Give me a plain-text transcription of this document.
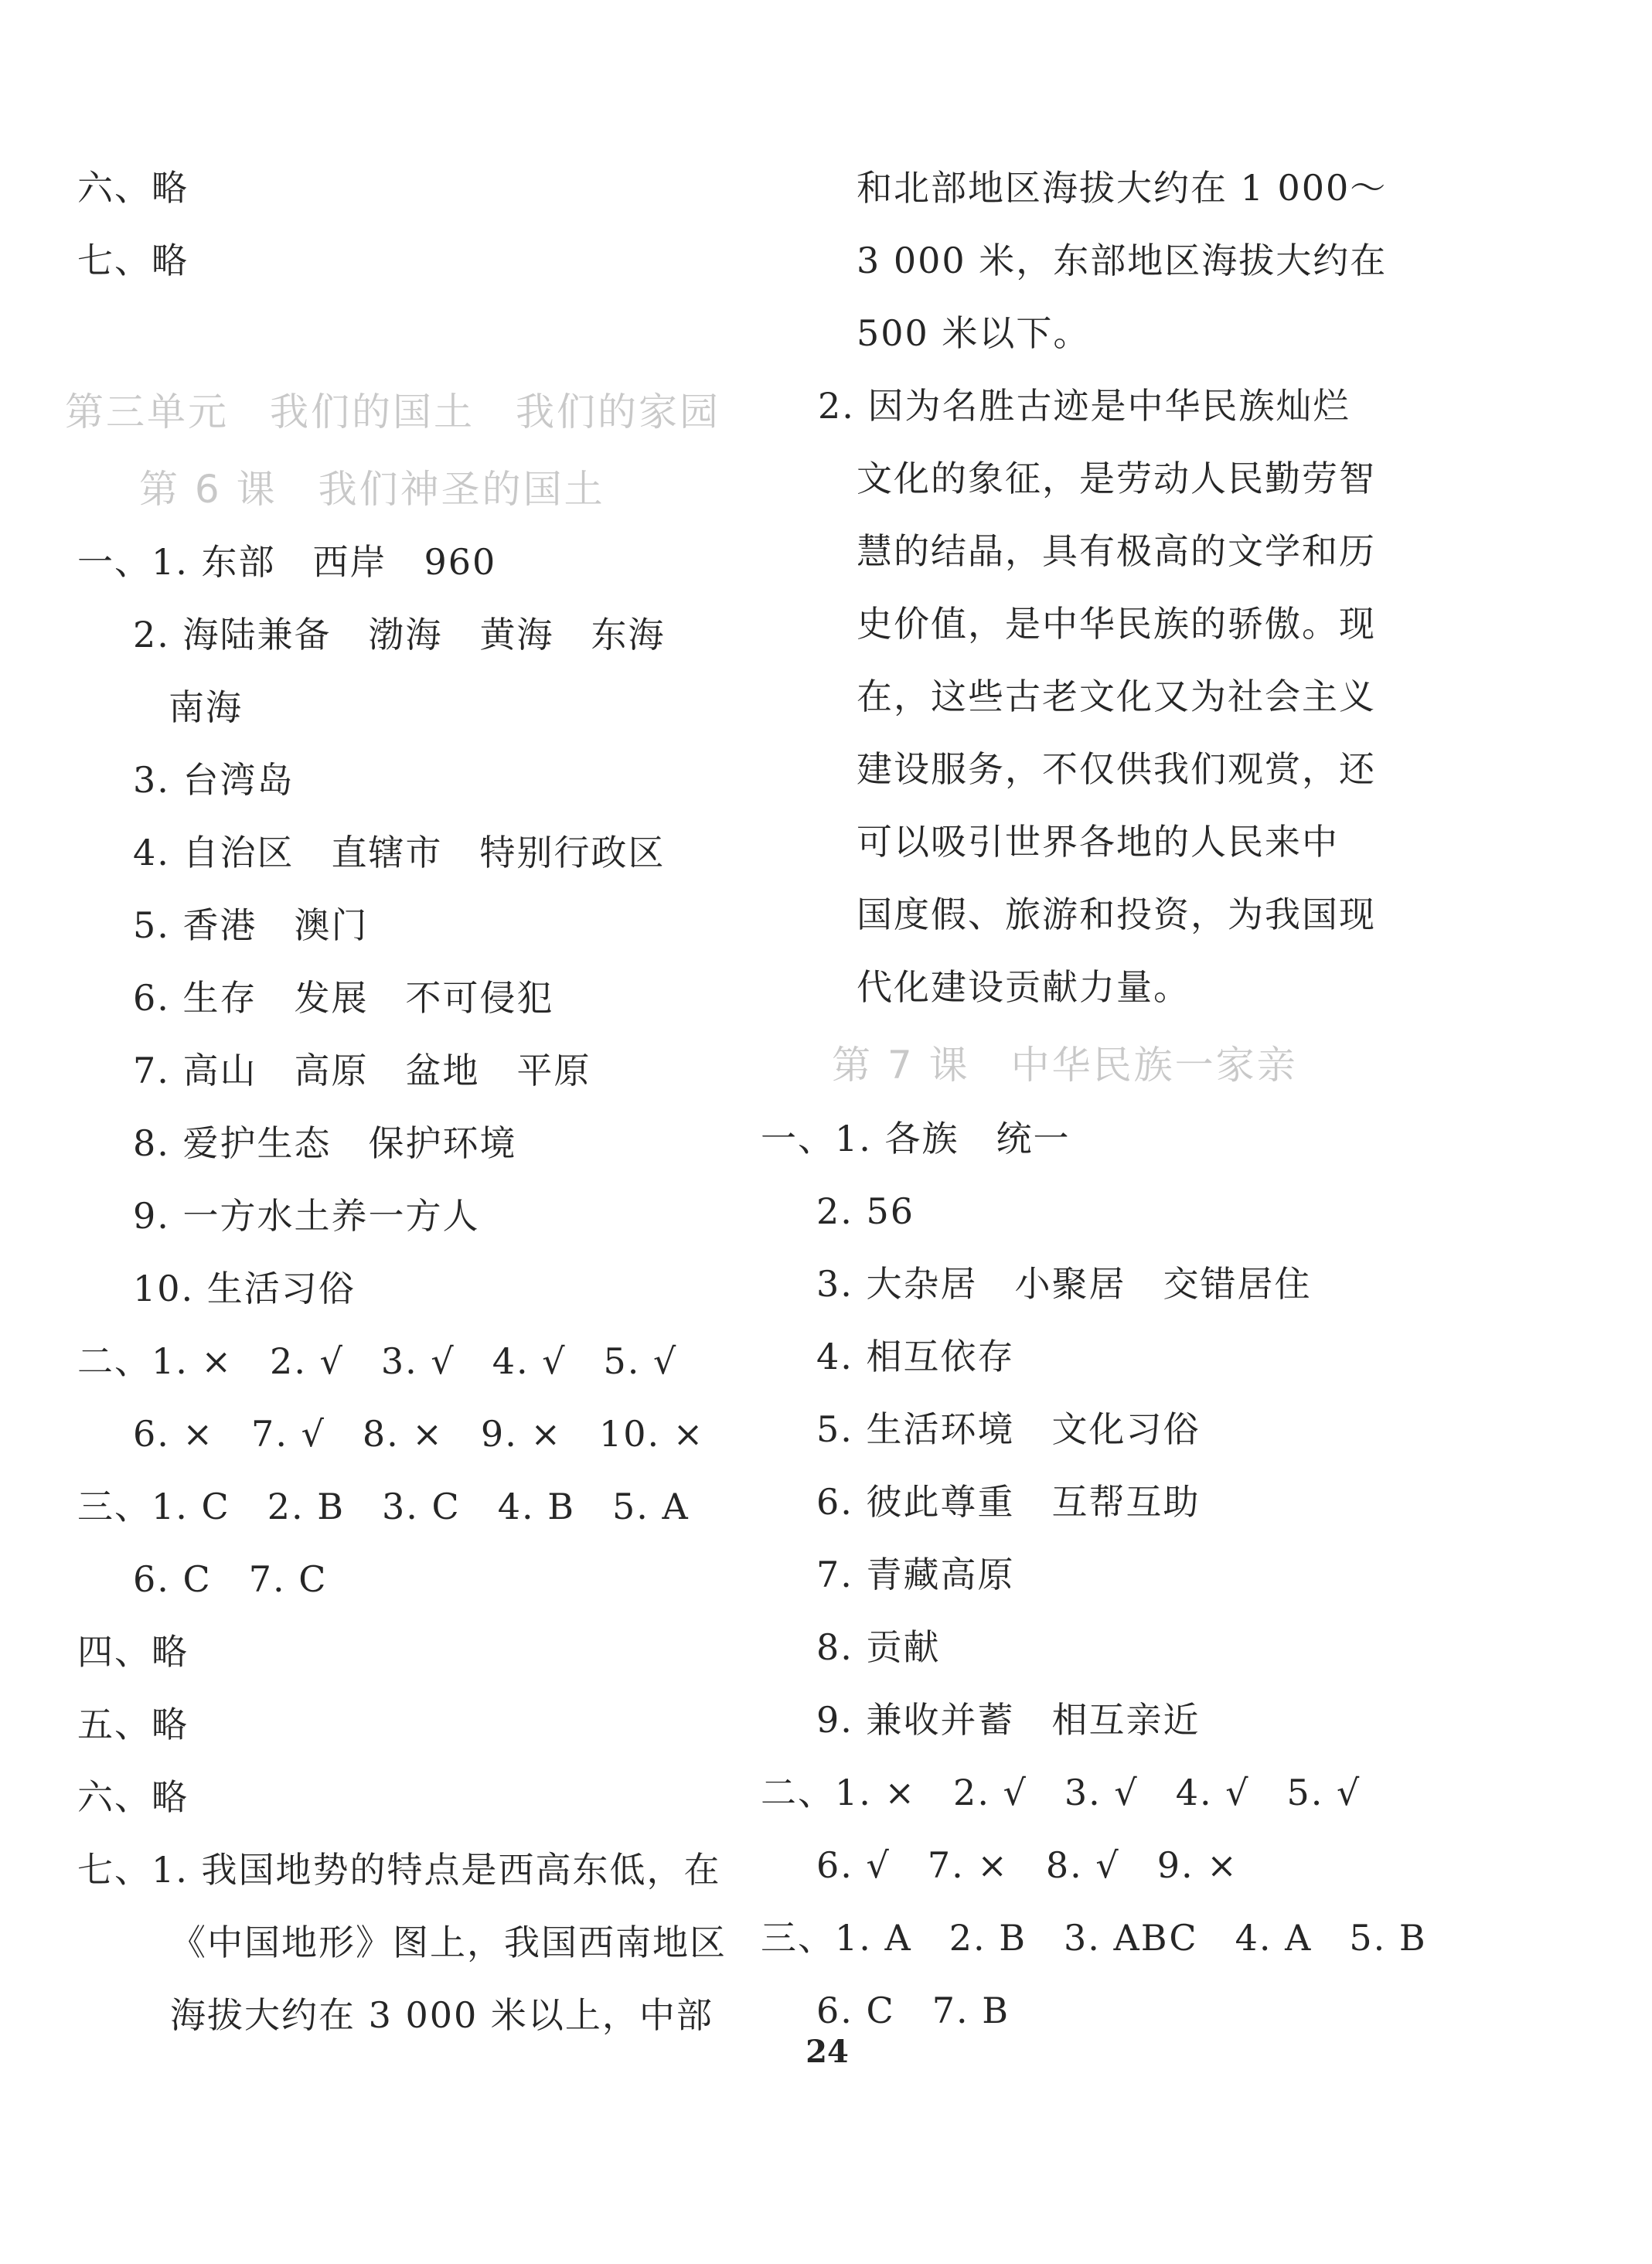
六、略
七、略
第三单元　我们的国土　我们的家园
第 6 课　我们神圣的国土
一、1. 东部　西岸　960
2. 海陆兼备　渤海　黄海　东海
南海
3. 台湾岛
4. 自治区　直辖市　特别行政区
5. 香港　澳门
6. 生存　发展　不可侵犯
7. 高山　高原　盆地　平原
8. 爱护生态　保护环境
9. 一方水土养一方人
10. 生活习俗
二、1. ×　2. √　3. √　4. √　5. √
6. ×　7. √　8. ×　9. ×　10. ×
三、1. C　2. B　3. C　4. B　5. A
6. C　7. C
四、略
五、略
六、略
七、1. 我国地势的特点是西高东低，在
《中国地形》图上，我国西南地区
海拔大约在 3 000 米以上，中部
和北部地区海拔大约在 1 000～
3 000 米，东部地区海拔大约在
500 米以下。
2. 因为名胜古迹是中华民族灿烂
文化的象征，是劳动人民勤劳智
慧的结晶，具有极高的文学和历
史价值，是中华民族的骄傲。现
在，这些古老文化又为社会主义
建设服务，不仅供我们观赏，还
可以吸引世界各地的人民来中
国度假、旅游和投资，为我国现
代化建设贡献力量。
第 7 课　中华民族一家亲
一、1. 各族　统一
2. 56
3. 大杂居　小聚居　交错居住
4. 相互依存
5. 生活环境　文化习俗
6. 彼此尊重　互帮互助
7. 青藏高原
8. 贡献
9. 兼收并蓄　相互亲近
二、1. ×　2. √　3. √　4. √　5. √
6. √　7. ×　8. √　9. ×
三、1. A　2. B　3. ABC　4. A　5. B
6. C　7. B
24
